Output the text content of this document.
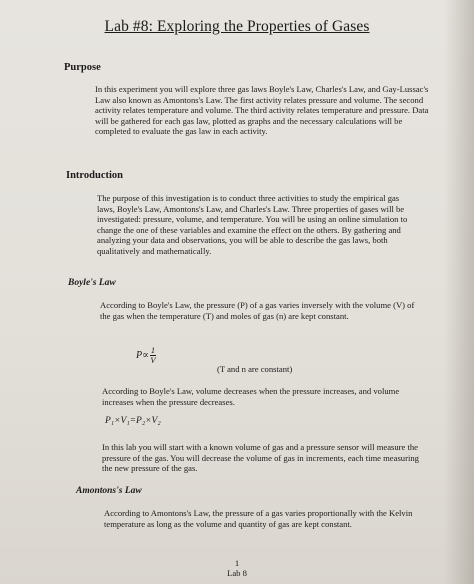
Lab #8: Exploring the Properties of Gases
Purpose

In this experiment you will explore three gas laws Boyle's Law, Charles's Law, and Gay-Lussac's Law also known as Amontons's Law. The first activity relates pressure and volume. The second activity relates temperature and volume. The third activity relates temperature and pressure. Data will be gathered for each gas law, plotted as graphs and the necessary calculations will be completed to evaluate the gas law in each activity.

Introduction

The purpose of this investigation is to conduct three activities to study the empirical gas laws, Boyle's Law, Amontons's Law, and Charles's Law. Three properties of gases will be investigated: pressure, volume, and temperature. You will be using an online simulation to change the one of these variables and examine the effect on the others. By gathering and analyzing your data and observations, you will be able to describe the gas laws, both qualitatively and mathematically.

Boyle's Law

According to Boyle's Law, the pressure (P) of a gas varies inversely with the volume (V) of the gas when the temperature (T) and moles of gas (n) are kept constant.

$P\propto \frac{1}{V}$
(T and n are constant)

According to Boyle's Law, volume decreases when the pressure increases, and volume increases when the pressure decreases.

P₁×V₁=P₂×V₂

In this lab you will start with a known volume of gas and a pressure sensor will measure the pressure of the gas. You will decrease the volume of gas in increments, each time measuring the new pressure of the gas.

Amontons's Law

According to Amontons's Law, the pressure of a gas varies proportionally with the Kelvin temperature as long as the volume and quantity of gas are kept constant.

1
Lab 8
